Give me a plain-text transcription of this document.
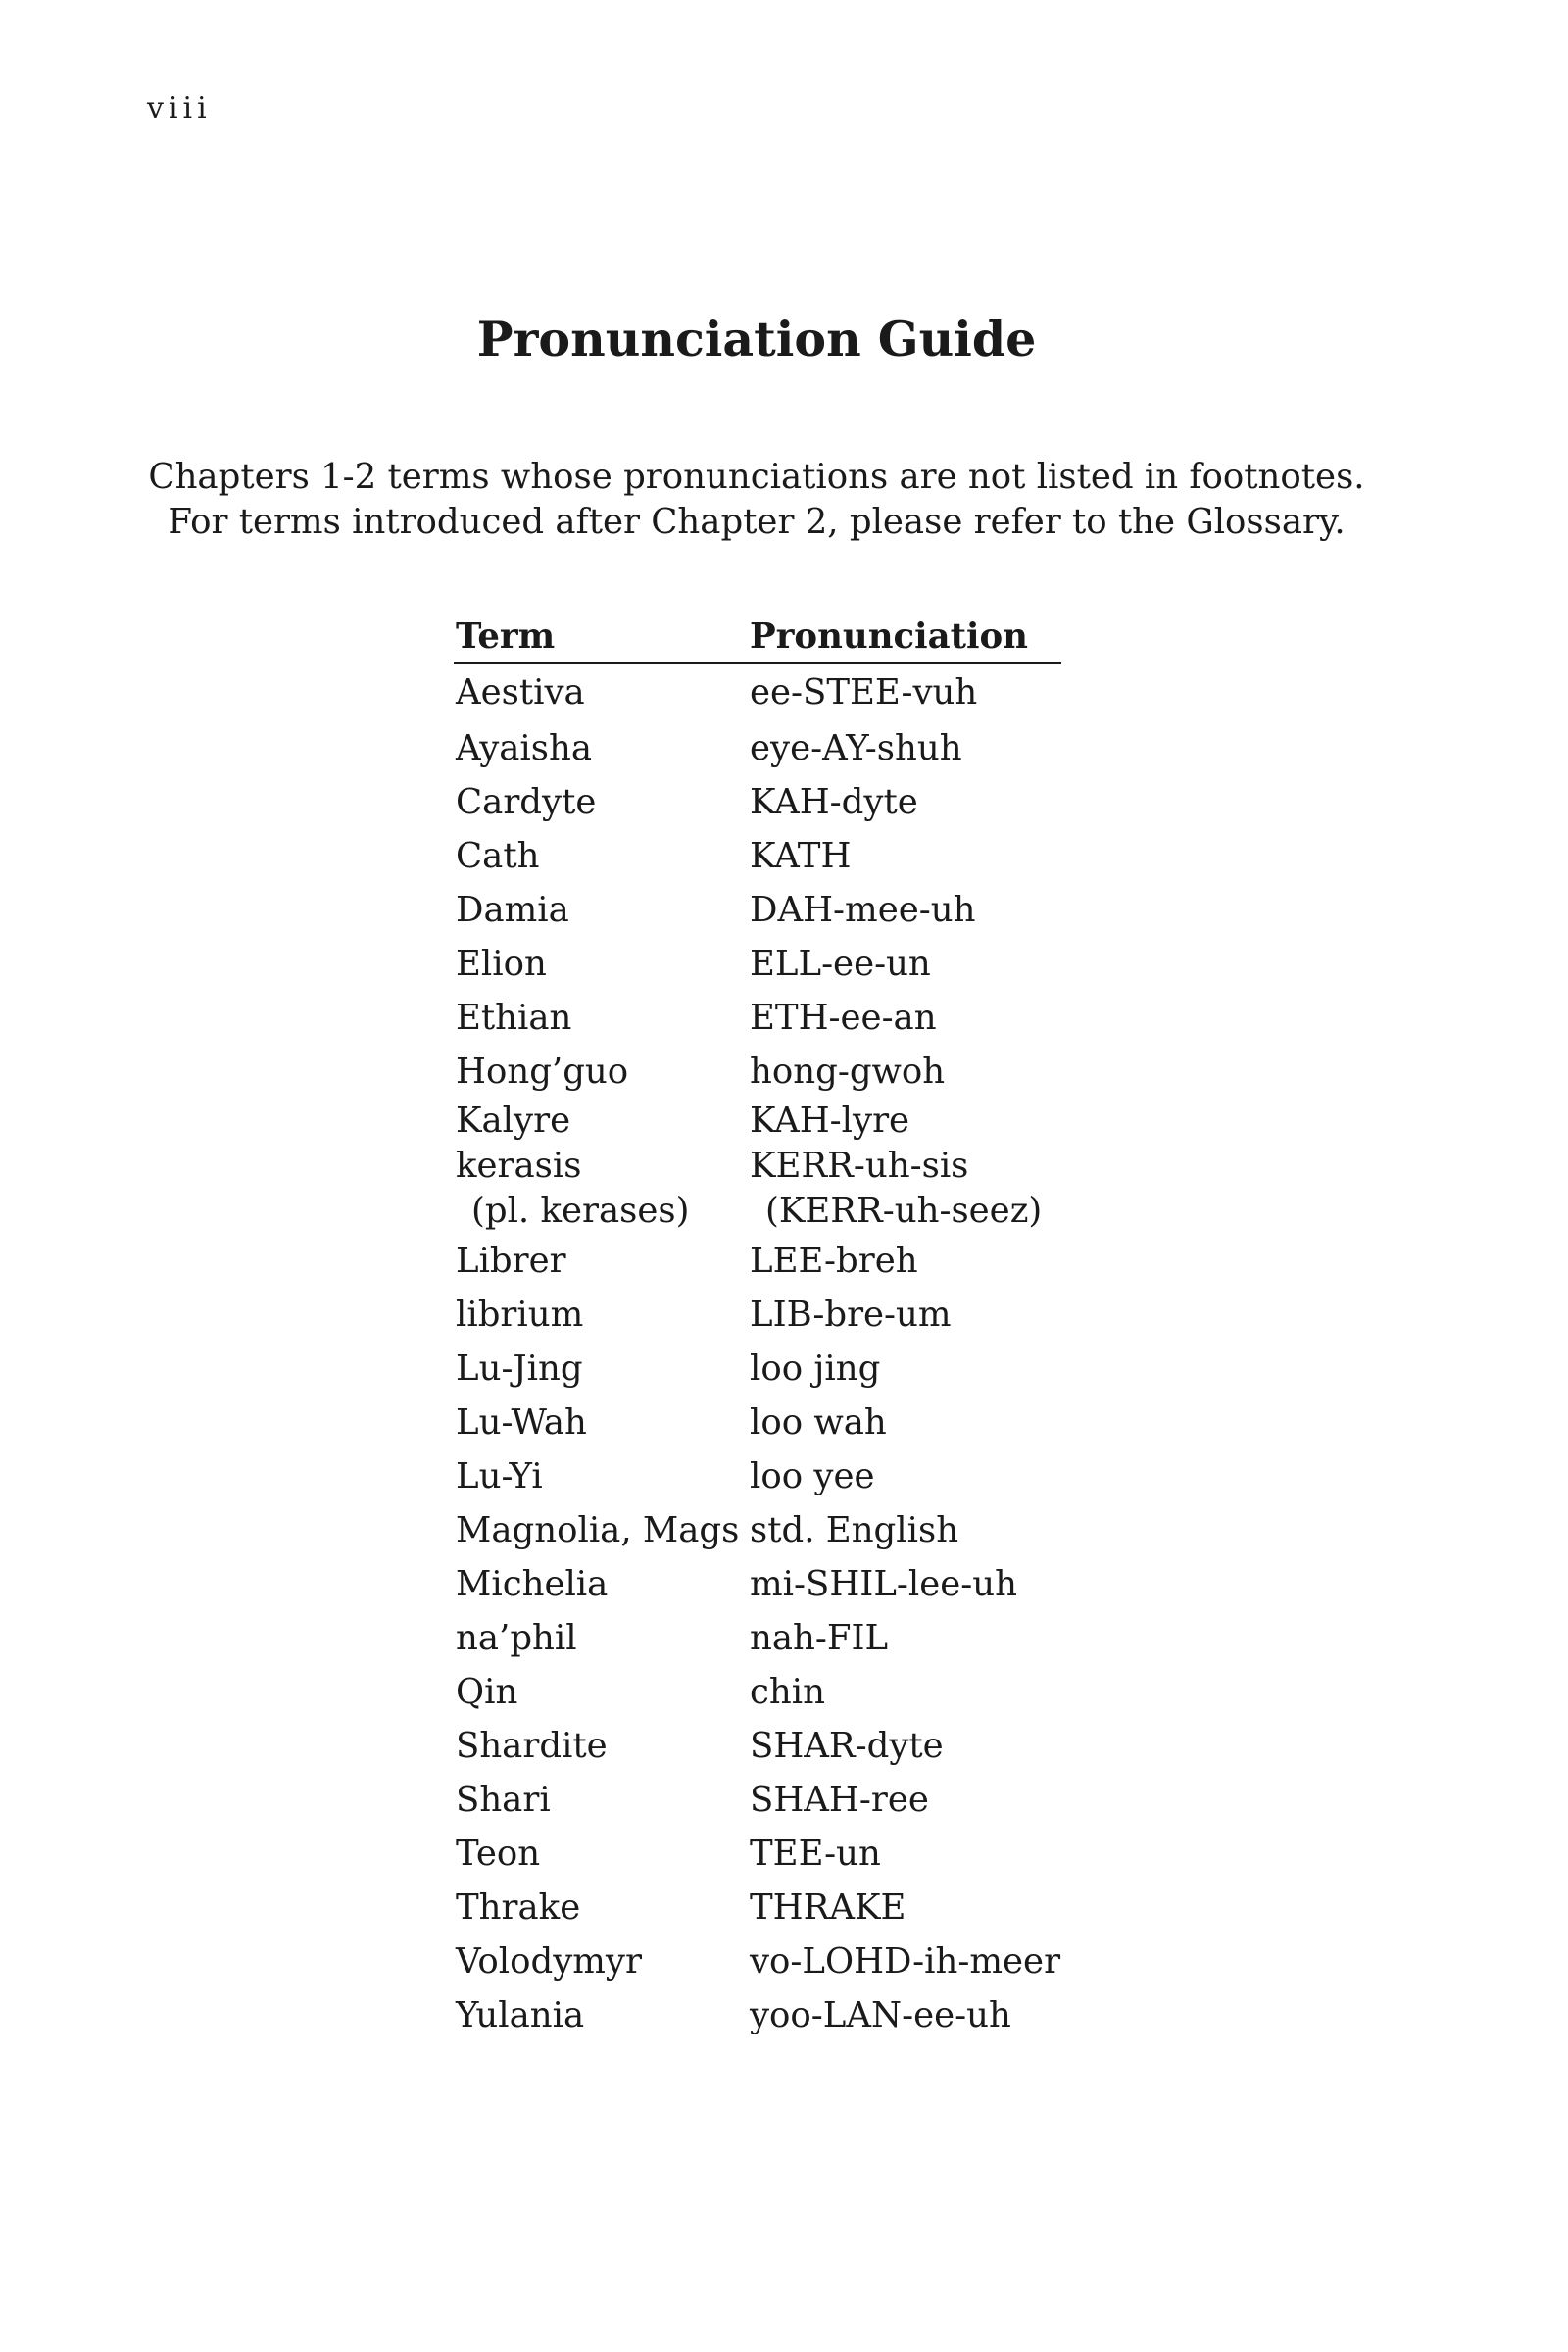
viii
Pronunciation Guide
Chapters 1-2 terms whose pronunciations are not listed in footnotes.
For terms introduced after Chapter 2, please refer to the Glossary.
Term	Pronunciation
Aestiva	ee-STEE-vuh
Ayaisha	eye-AY-shuh
Cardyte	KAH-dyte
Cath	KATH
Damia	DAH-mee-uh
Elion	ELL-ee-un
Ethian	ETH-ee-an
Hong’guo	hong-gwoh
Kalyre	KAH-lyre
kerasis	KERR-uh-sis
(pl. kerases)	(KERR-uh-seez)
Librer	LEE-breh
librium	LIB-bre-um
Lu-Jing	loo jing
Lu-Wah	loo wah
Lu-Yi	loo yee
Magnolia, Mags	std. English
Michelia	mi-SHIL-lee-uh
na’phil	nah-FIL
Qin	chin
Shardite	SHAR-dyte
Shari	SHAH-ree
Teon	TEE-un
Thrake	THRAKE
Volodymyr	vo-LOHD-ih-meer
Yulania	yoo-LAN-ee-uh
